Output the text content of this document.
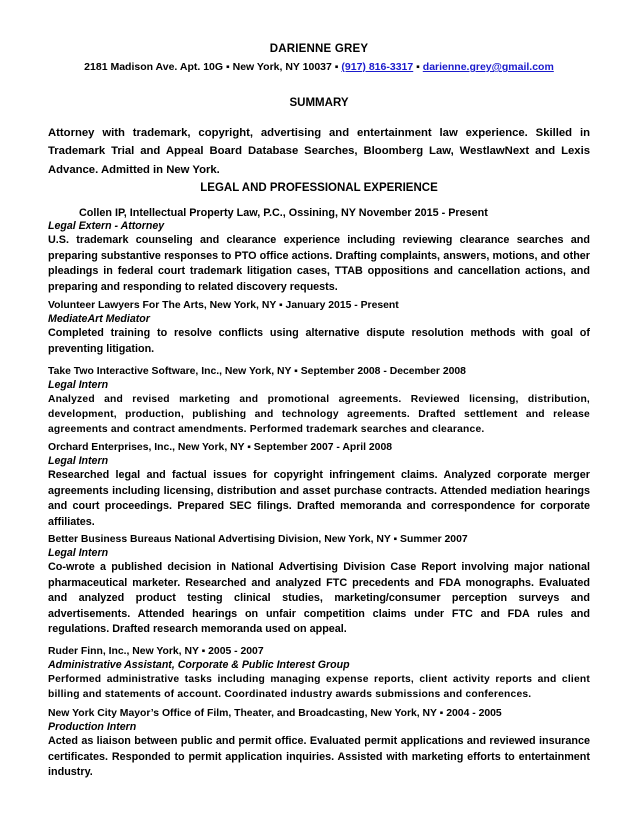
DARIENNE GREY
2181 Madison Ave. Apt. 10G ▪ New York, NY 10037 ▪ (917) 816-3317 ▪ darienne.grey@gmail.com
SUMMARY
Attorney with trademark, copyright, advertising and entertainment law experience. Skilled in Trademark Trial and Appeal Board Database Searches, Bloomberg Law, WestlawNext and Lexis Advance. Admitted in New York.
LEGAL AND PROFESSIONAL EXPERIENCE
Collen IP, Intellectual Property Law, P.C., Ossining, NY November 2015 - Present
Legal Extern - Attorney
U.S. trademark counseling and clearance experience including reviewing clearance searches and preparing substantive responses to PTO office actions. Drafting complaints, answers, motions, and other pleadings in federal court trademark litigation cases, TTAB oppositions and cancellation actions, and preparing and responding to related discovery requests.
Volunteer Lawyers For The Arts, New York, NY ▪ January 2015 - Present
MediateArt Mediator
Completed training to resolve conflicts using alternative dispute resolution methods with goal of preventing litigation.
Take Two Interactive Software, Inc., New York, NY ▪ September 2008 - December 2008
Legal Intern
Analyzed and revised marketing and promotional agreements. Reviewed licensing, distribution, development, production, publishing and technology agreements. Drafted settlement and release agreements and contract amendments. Performed trademark searches and clearance.
Orchard Enterprises, Inc., New York, NY ▪ September 2007 - April 2008
Legal Intern
Researched legal and factual issues for copyright infringement claims. Analyzed corporate merger agreements including licensing, distribution and asset purchase contracts. Attended mediation hearings and court proceedings. Prepared SEC filings. Drafted memoranda and correspondence for corporate affiliates.
Better Business Bureaus National Advertising Division, New York, NY ▪ Summer 2007
Legal Intern
Co-wrote a published decision in National Advertising Division Case Report involving major national pharmaceutical marketer. Researched and analyzed FTC precedents and FDA monographs. Evaluated and analyzed product testing clinical studies, marketing/consumer perception surveys and advertisements. Attended hearings on unfair competition claims under FTC and FDA rules and regulations. Drafted research memoranda used on appeal.
Ruder Finn, Inc., New York, NY ▪ 2005 - 2007
Administrative Assistant, Corporate & Public Interest Group
Performed administrative tasks including managing expense reports, client activity reports and client billing and statements of account. Coordinated industry awards submissions and conferences.
New York City Mayor’s Office of Film, Theater, and Broadcasting, New York, NY ▪ 2004 - 2005
Production Intern
Acted as liaison between public and permit office. Evaluated permit applications and reviewed insurance certificates. Responded to permit application inquiries. Assisted with marketing efforts to entertainment industry.
